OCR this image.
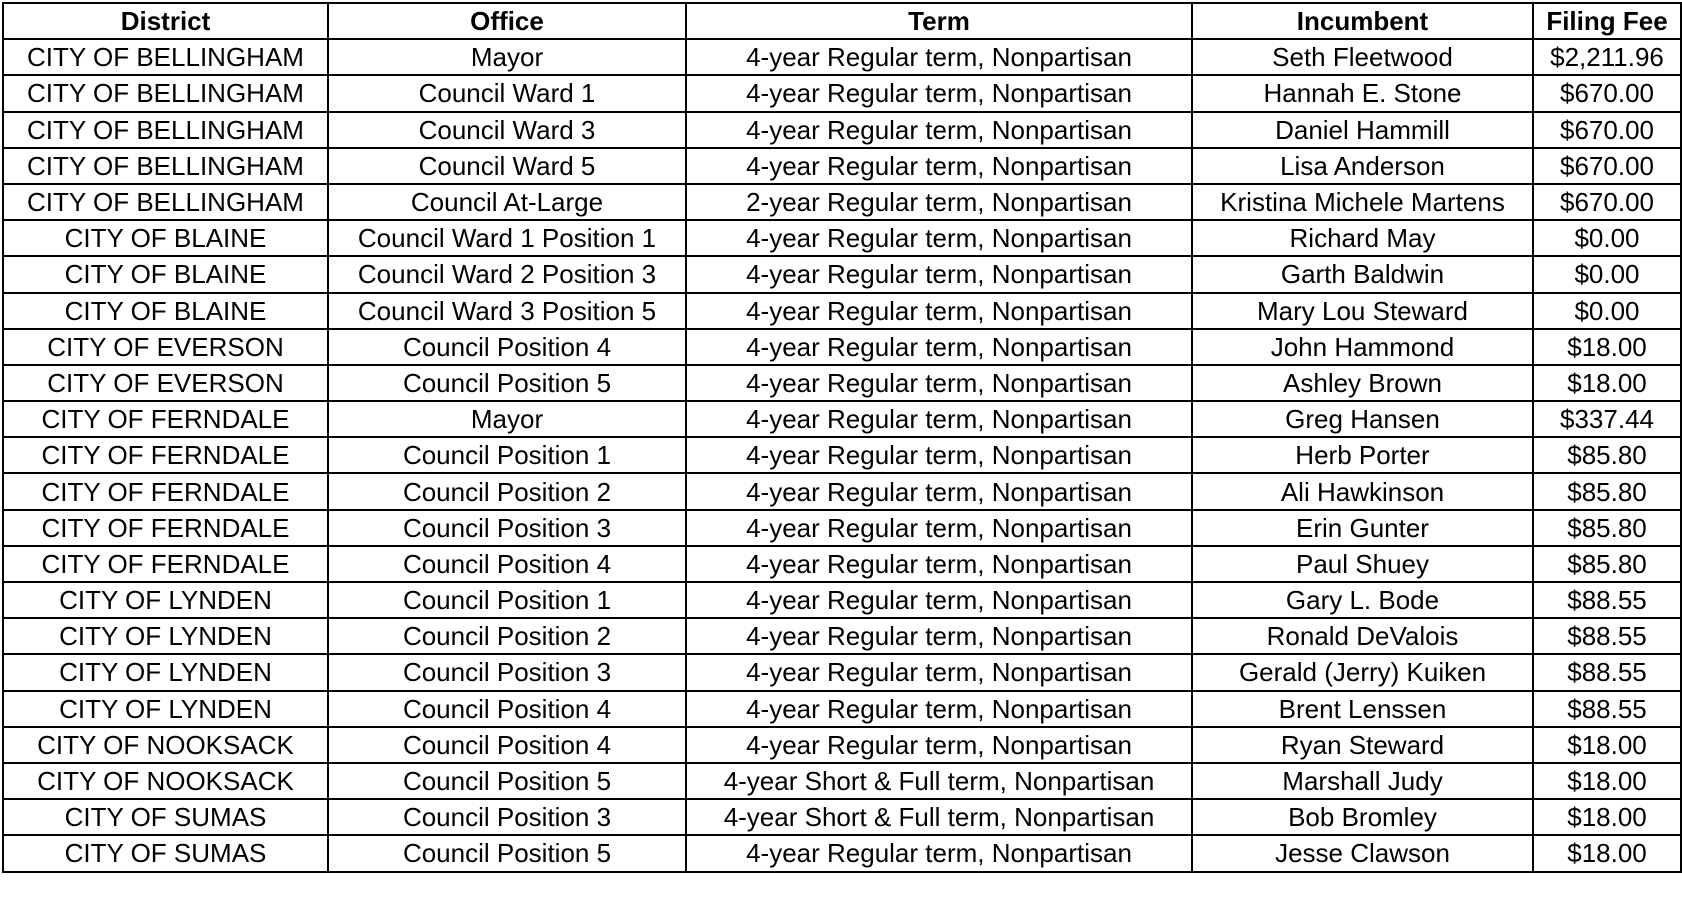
District	Office	Term	Incumbent	Filing Fee
CITY OF BELLINGHAM	Mayor	4-year Regular term, Nonpartisan	Seth Fleetwood	$2,211.96
CITY OF BELLINGHAM	Council Ward 1	4-year Regular term, Nonpartisan	Hannah E. Stone	$670.00
CITY OF BELLINGHAM	Council Ward 3	4-year Regular term, Nonpartisan	Daniel Hammill	$670.00
CITY OF BELLINGHAM	Council Ward 5	4-year Regular term, Nonpartisan	Lisa Anderson	$670.00
CITY OF BELLINGHAM	Council At-Large	2-year Regular term, Nonpartisan	Kristina Michele Martens	$670.00
CITY OF BLAINE	Council Ward 1 Position 1	4-year Regular term, Nonpartisan	Richard May	$0.00
CITY OF BLAINE	Council Ward 2 Position 3	4-year Regular term, Nonpartisan	Garth Baldwin	$0.00
CITY OF BLAINE	Council Ward 3 Position 5	4-year Regular term, Nonpartisan	Mary Lou Steward	$0.00
CITY OF EVERSON	Council Position 4	4-year Regular term, Nonpartisan	John Hammond	$18.00
CITY OF EVERSON	Council Position 5	4-year Regular term, Nonpartisan	Ashley Brown	$18.00
CITY OF FERNDALE	Mayor	4-year Regular term, Nonpartisan	Greg Hansen	$337.44
CITY OF FERNDALE	Council Position 1	4-year Regular term, Nonpartisan	Herb Porter	$85.80
CITY OF FERNDALE	Council Position 2	4-year Regular term, Nonpartisan	Ali Hawkinson	$85.80
CITY OF FERNDALE	Council Position 3	4-year Regular term, Nonpartisan	Erin Gunter	$85.80
CITY OF FERNDALE	Council Position 4	4-year Regular term, Nonpartisan	Paul Shuey	$85.80
CITY OF LYNDEN	Council Position 1	4-year Regular term, Nonpartisan	Gary L. Bode	$88.55
CITY OF LYNDEN	Council Position 2	4-year Regular term, Nonpartisan	Ronald DeValois	$88.55
CITY OF LYNDEN	Council Position 3	4-year Regular term, Nonpartisan	Gerald (Jerry) Kuiken	$88.55
CITY OF LYNDEN	Council Position 4	4-year Regular term, Nonpartisan	Brent Lenssen	$88.55
CITY OF NOOKSACK	Council Position 4	4-year Regular term, Nonpartisan	Ryan Steward	$18.00
CITY OF NOOKSACK	Council Position 5	4-year Short & Full term, Nonpartisan	Marshall Judy	$18.00
CITY OF SUMAS	Council Position 3	4-year Short & Full term, Nonpartisan	Bob Bromley	$18.00
CITY OF SUMAS	Council Position 5	4-year Regular term, Nonpartisan	Jesse Clawson	$18.00
